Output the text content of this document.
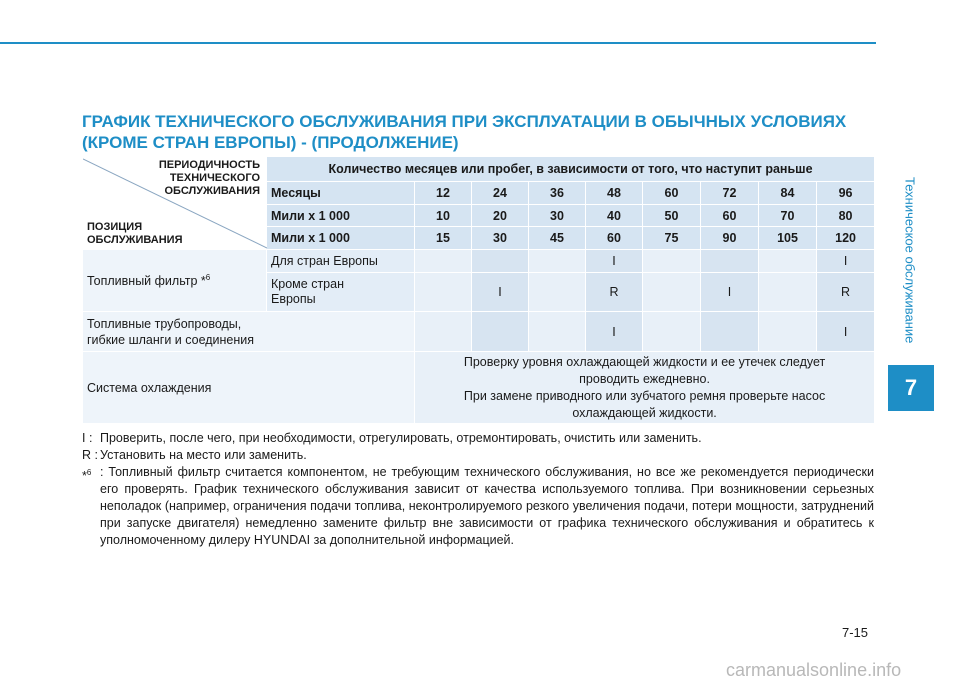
Техническое обслуживание
7
ГРАФИК ТЕХНИЧЕСКОГО ОБСЛУЖИВАНИЯ ПРИ ЭКСПЛУАТАЦИИ В ОБЫЧНЫХ УСЛОВИЯХ
(КРОМЕ СТРАН ЕВРОПЫ) - (ПРОДОЛЖЕНИЕ)
ПЕРИОДИЧНОСТЬ
ТЕХНИЧЕСКОГО
ОБСЛУЖИВАНИЯ
ПОЗИЦИЯ
ОБСЛУЖИВАНИЯ	Количество месяцев или пробег, в зависимости от того, что наступит раньше								
	Месяцы	12	24	36	48	60	72	84	96
	Мили x 1 000	10	20	30	40	50	60	70	80
	Мили x 1 000	15	30	45	60	75	90	105	120
Топливный фильтр *$^6$	Для стран Европы				I				I

	Кроме стран
Европы		I		R		I		R

Топливные трубопроводы,
гибкие шланги и соединения					I				I
Система охлаждения		Проверку уровня охлаждающей жидкости и ее утечек следует
проводить ежедневно.
При замене приводного или зубчатого ремня проверьте насос
охлаждающей жидкости.							
I : Проверить, после чего, при необходимости, отрегулировать, отремонтировать, очистить или заменить.
R : Установить на место или заменить.
*$^6$ : Топливный фильтр считается компонентом, не требующим технического обслуживания, но все же рекомендуется периодически его проверять. График технического обслуживания зависит от качества используемого топлива. При возникновении серьезных неполадок (например, ограничения подачи топлива, неконтролируемого резкого увеличения подачи, потери мощности, затруднений при запуске двигателя) немедленно замените фильтр вне зависимости от графика технического обслуживания и обратитесь к уполномоченному дилеру HYUNDAI за дополнительной информацией.
7-15
carmanualsonline.info
